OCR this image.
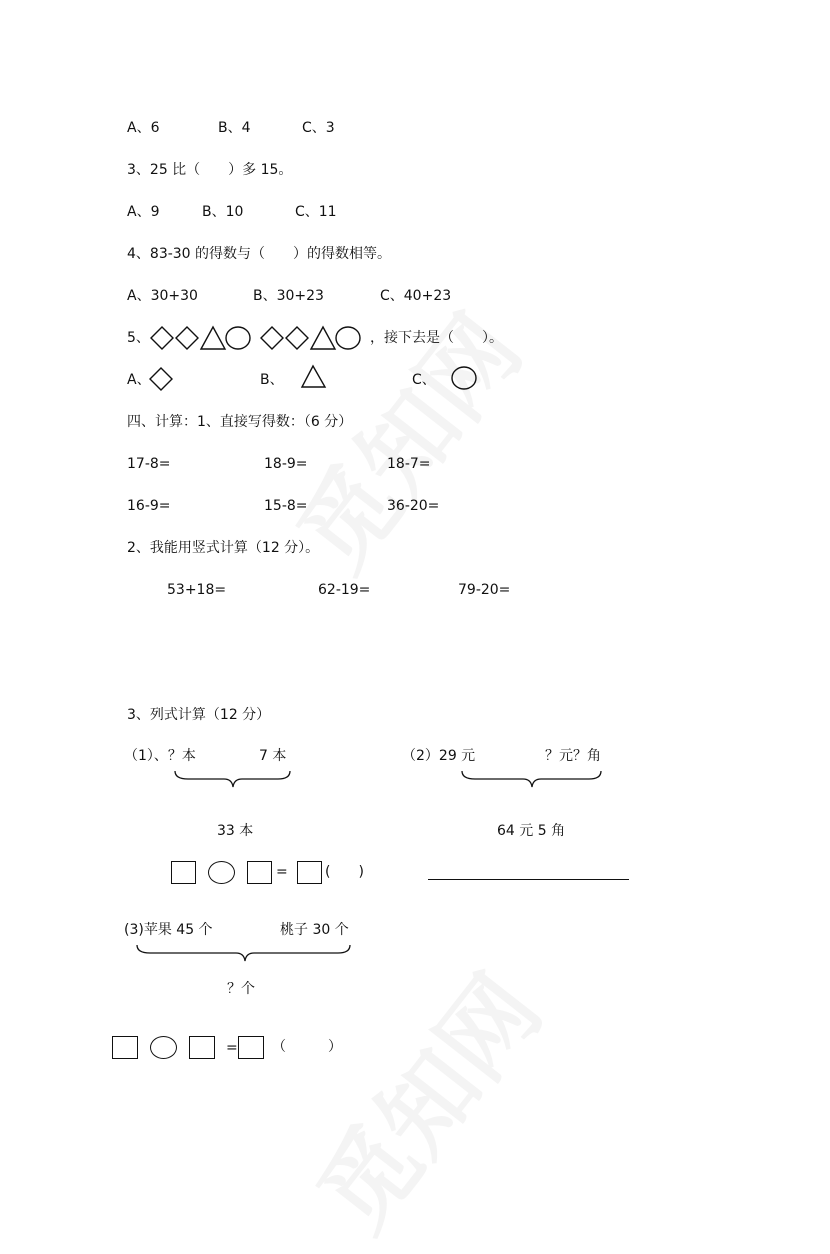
A、6	B、4	C、3
3、25 比（　　）多 15。
A、9	B、10	C、11
4、83-30 的得数与（　　）的得数相等。
A、30+30	B、30+23	C、40+23
5、	，接下去是（　　）。
A、	B、	C、
四、计算：1、直接写得数：（6 分）
17-8=	18-9=	18-7=
16-9=	15-8=	36-20=
2、我能用竖式计算（12 分）。
53+18=	62-19=	79-20=
3、列式计算（12 分）
（1）、？本	7 本
33 本
=	(　　)
（2）29 元	？元？角
64 元 5 角
(3)苹果 45 个	桃子 30 个
？个
= （　　　）
